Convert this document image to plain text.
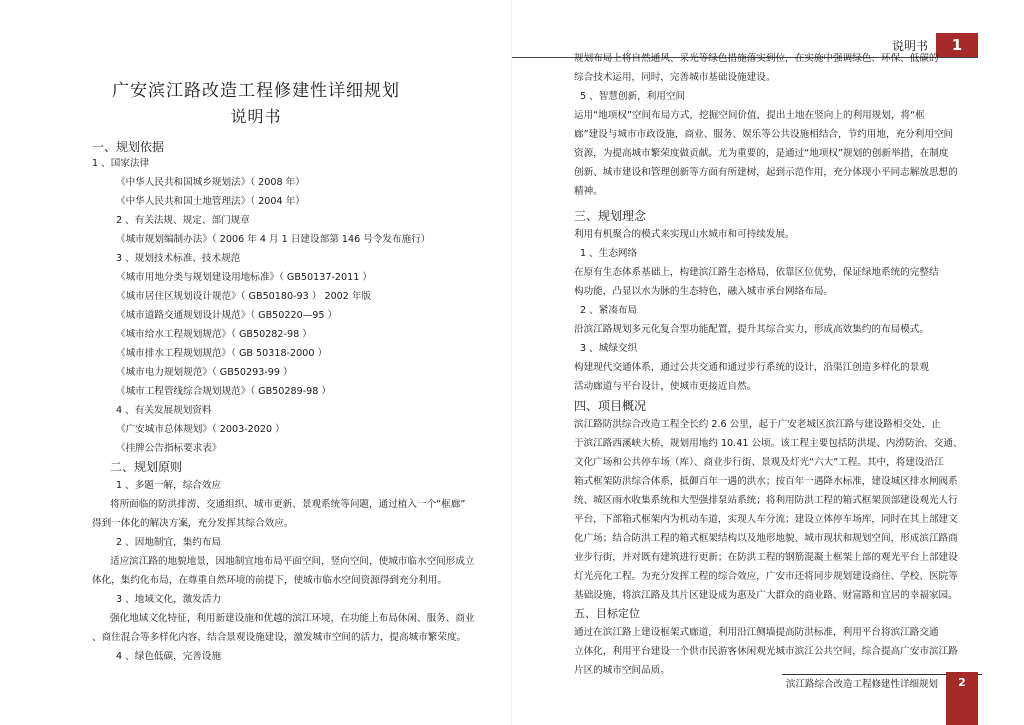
广安滨江路改造工程修建性详细规划
说明书
一、规划依据
1 、国家法律
《中华人民共和国城乡规划法》（ 2008 年）
《中华人民共和国土地管理法》（ 2004 年）
2 、有关法规、规定、部门规章
《城市规划编制办法》（ 2006 年 4 月 1 日建设部第 146 号令发布施行）
3 、规划技术标准、技术规范
《城市用地分类与规划建设用地标准》（ GB50137-2011 ）
《城市居住区规划设计规范》（ GB50180-93 ） 2002 年版
《城市道路交通规划设计规范》（ GB50220—95 ）
《城市给水工程规划规范》（ GB50282-98 ）
《城市排水工程规划规范》（ GB 50318-2000 ）
《城市电力规划规范》（ GB50293-99 ）
《城市工程管线综合规划规范》（ GB50289-98 ）
4 、有关发展规划资料
《广安城市总体规划》（ 2003-2020 ）
《挂牌公告指标要求表》
二、规划原则
1 、多题一解，综合效应
将所面临的防洪排涝、交通组织、城市更新、景观系统等问题，通过植入一个“框廊”
得到一体化的解决方案，充分发挥其综合效应。
2 、因地制宜，集约布局
适应滨江路的地貌地景，因地制宜地布局平面空间，竖向空间，使城市临水空间形成立
体化，集约化布局，在尊重自然环境的前提下，使城市临水空间资源得到充分利用。
3 、地域文化，激发活力
强化地域文化特征，利用新建设施和优越的滨江环境，在功能上布局休闲、服务、商业
、商住混合等多样化内容，结合景观设施建设，激发城市空间的活力，提高城市繁荣度。
4 、绿色低碳，完善设施
说明书	1
规划布局上将自然通风、采光等绿色措施落实到位，在实施中强调绿色、环保、低碳的
综合技术运用，同时，完善城市基础设施建设。
5 、智慧创新，利用空间
运用“地项权”空间布局方式，挖掘空间价值，提出土地在竖向上的利用规划，将“框
廊”建设与城市市政设施，商业、服务、娱乐等公共设施相结合，节约用地，充分利用空间
资源，为提高城市繁荣度做贡献。尤为重要的，是通过“地项权”规划的创新举措，在制度
创新、城市建设和管理创新等方面有所建树，起到示范作用，充分体现小平同志解放思想的
精神。
三、规划理念
利用有机聚合的模式来实现山水城市和可持续发展。
1 、生态网络
在原有生态体系基础上，构建滨江路生态格局，依靠区位优势，保证绿地系统的完整结
构功能，凸显以水为脉的生态特色，融入城市承台网络布局。
2 、紧凑布局
沿滨江路规划多元化复合型功能配置，提升其综合实力，形成高效集约的布局模式。
3 、城绿交织
构建现代交通体系，通过公共交通和通过步行系统的设计，沿渠江创造多样化的景观
活动廊道与平台设计，使城市更接近自然。
四、项目概况
滨江路防洪综合改造工程全长约 2.6 公里，起于广安老城区滨江路与建设路相交处，止
于滨江路西溪峡大桥，规划用地约 10.41 公顷。该工程主要包括防洪堤、内涝防治、交通、
文化广场和公共停车场（库）、商业步行街、景观及灯光“六大”工程。其中，将建设沿江
箱式框架防洪综合体系，抵御百年一遇的洪水；按百年一遇降水标准，建设城区排水闸阀系
统、城区雨水收集系统和大型强排泵站系统；将利用防洪工程的箱式框架顶部建设观光人行
平台，下部箱式框架内为机动车道，实现人车分流；建设立体停车场库，同时在其上部建文
化广场；结合防洪工程的箱式框架结构以及地形地貌、城市现状和规划空间，形成滨江路商
业步行街，并对既有建筑进行更新；在防洪工程的钢筋混凝土框架上部的观光平台上部建设
灯光亮化工程。为充分发挥工程的综合效应，广安市还将同步规划建设商住、学校、医院等
基础设施，将滨江路及其片区建设成为惠及广大群众的商业路、财富路和宜居的幸福家园。
五、目标定位
通过在滨江路上建设框架式廊道，利用沿江侧墙提高防洪标准，利用平台将滨江路交通
立体化，利用平台建设一个供市民游客休闲观光城市滨江公共空间，综合提高广安市滨江路
片区的城市空间品质。
滨江路综合改造工程修建性详细规划	2
